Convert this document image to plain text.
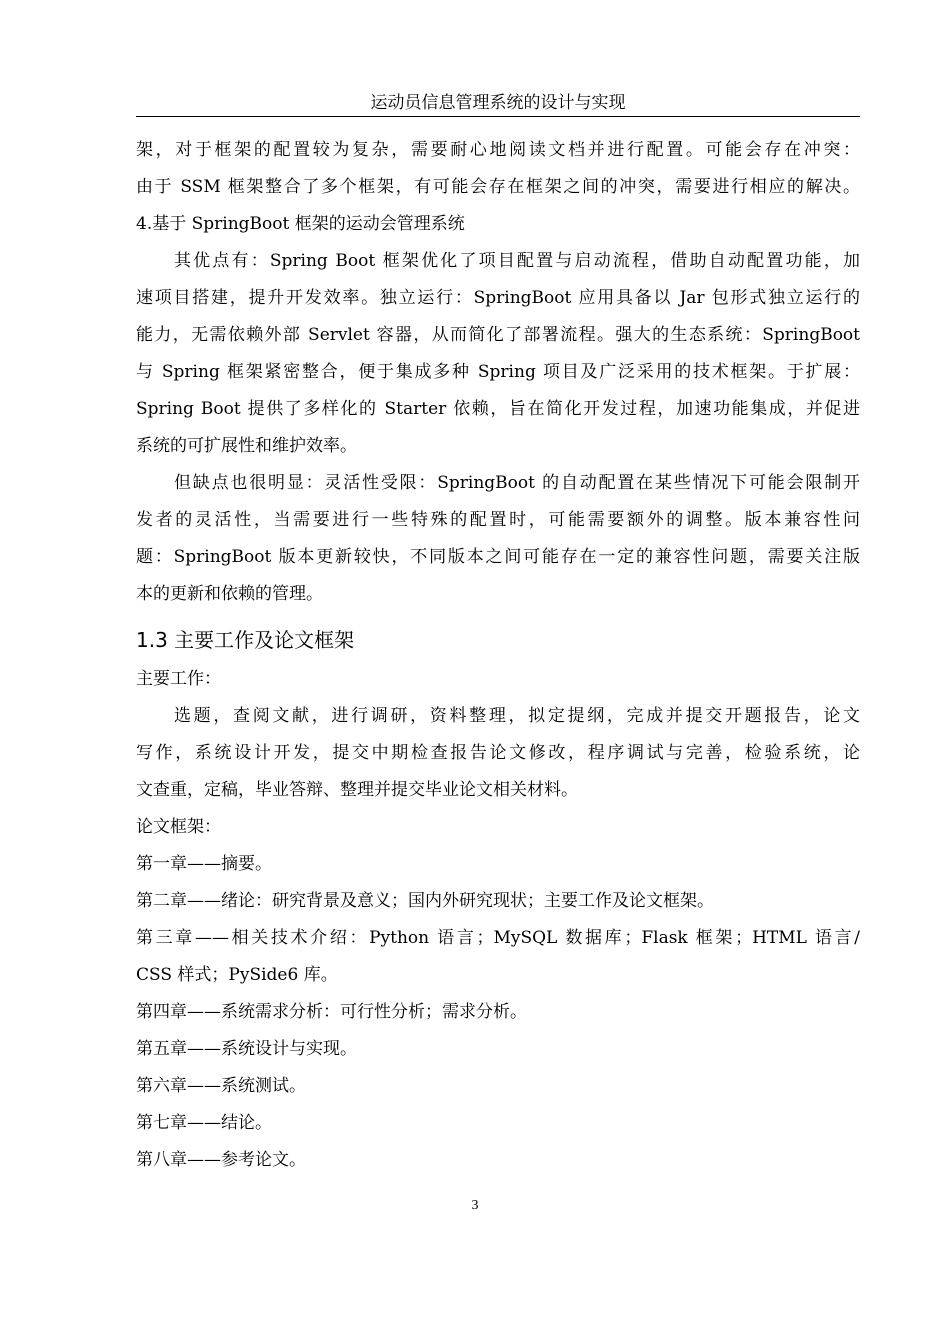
运动员信息管理系统的设计与实现
架，对于框架的配置较为复杂，需要耐心地阅读文档并进行配置。可能会存在冲突：
由于 SSM 框架整合了多个框架，有可能会存在框架之间的冲突，需要进行相应的解决。
4.基于 SpringBoot 框架的运动会管理系统
其优点有：Spring Boot 框架优化了项目配置与启动流程，借助自动配置功能，加
速项目搭建，提升开发效率。独立运行：SpringBoot 应用具备以 Jar 包形式独立运行的
能力，无需依赖外部 Servlet 容器，从而简化了部署流程。强大的生态系统：SpringBoot
与 Spring 框架紧密整合，便于集成多种 Spring 项目及广泛采用的技术框架。于扩展：
Spring Boot 提供了多样化的 Starter 依赖，旨在简化开发过程，加速功能集成，并促进
系统的可扩展性和维护效率。
但缺点也很明显：灵活性受限：SpringBoot 的自动配置在某些情况下可能会限制开
发者的灵活性，当需要进行一些特殊的配置时，可能需要额外的调整。版本兼容性问
题：SpringBoot 版本更新较快，不同版本之间可能存在一定的兼容性问题，需要关注版
本的更新和依赖的管理。
1.3 主要工作及论文框架
主要工作：
选题，查阅文献，进行调研，资料整理，拟定提纲，完成并提交开题报告，论文
写作，系统设计开发，提交中期检查报告论文修改，程序调试与完善，检验系统，论
文查重，定稿，毕业答辩、整理并提交毕业论文相关材料。
论文框架：
第一章——摘要。
第二章——绪论：研究背景及意义；国内外研究现状；主要工作及论文框架。
第三章——相关技术介绍：Python 语言；MySQL 数据库；Flask 框架；HTML 语言/
CSS 样式；PySide6 库。
第四章——系统需求分析：可行性分析；需求分析。
第五章——系统设计与实现。
第六章——系统测试。
第七章——结论。
第八章——参考论文。
3
